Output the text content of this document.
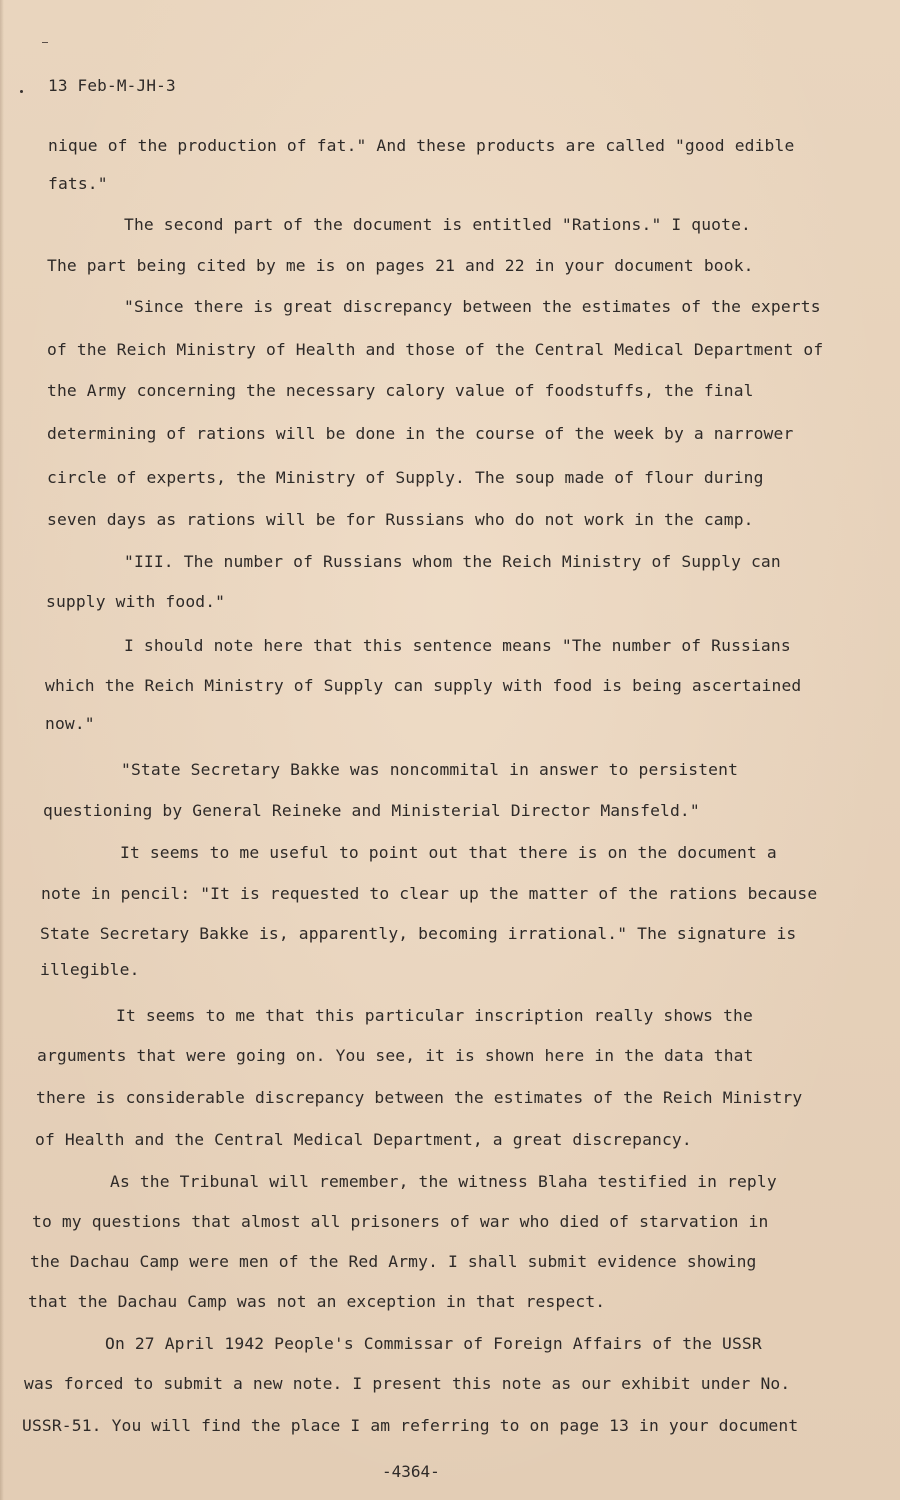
13 Feb-M-JH-3
nique of the production of fat." And these products are called "good edible
fats."
The second part of the document is entitled "Rations." I quote.
The part being cited by me is on pages 21 and 22 in your document book.
"Since there is great discrepancy between the estimates of the experts
of the Reich Ministry of Health and those of the Central Medical Department of
the Army concerning the necessary calory value of foodstuffs, the final
determining of rations will be done in the course of the week by a narrower
circle of experts, the Ministry of Supply. The soup made of flour during
seven days as rations will be for Russians who do not work in the camp.
"III. The number of Russians whom the Reich Ministry of Supply can
supply with food."
I should note here that this sentence means "The number of Russians
which the Reich Ministry of Supply can supply with food is being ascertained
now."
"State Secretary Bakke was noncommital in answer to persistent
questioning by General Reineke and Ministerial Director Mansfeld."
It seems to me useful to point out that there is on the document a
note in pencil: "It is requested to clear up the matter of the rations because
State Secretary Bakke is, apparently, becoming irrational." The signature is
illegible.
It seems to me that this particular inscription really shows the
arguments that were going on. You see, it is shown here in the data that
there is considerable discrepancy between the estimates of the Reich Ministry
of Health and the Central Medical Department, a great discrepancy.
As the Tribunal will remember, the witness Blaha testified in reply
to my questions that almost all prisoners of war who died of starvation in
the Dachau Camp were men of the Red Army. I shall submit evidence showing
that the Dachau Camp was not an exception in that respect.
On 27 April 1942 People's Commissar of Foreign Affairs of the USSR
was forced to submit a new note. I present this note as our exhibit under No.
USSR-51. You will find the place I am referring to on page 13 in your document
-4364-
